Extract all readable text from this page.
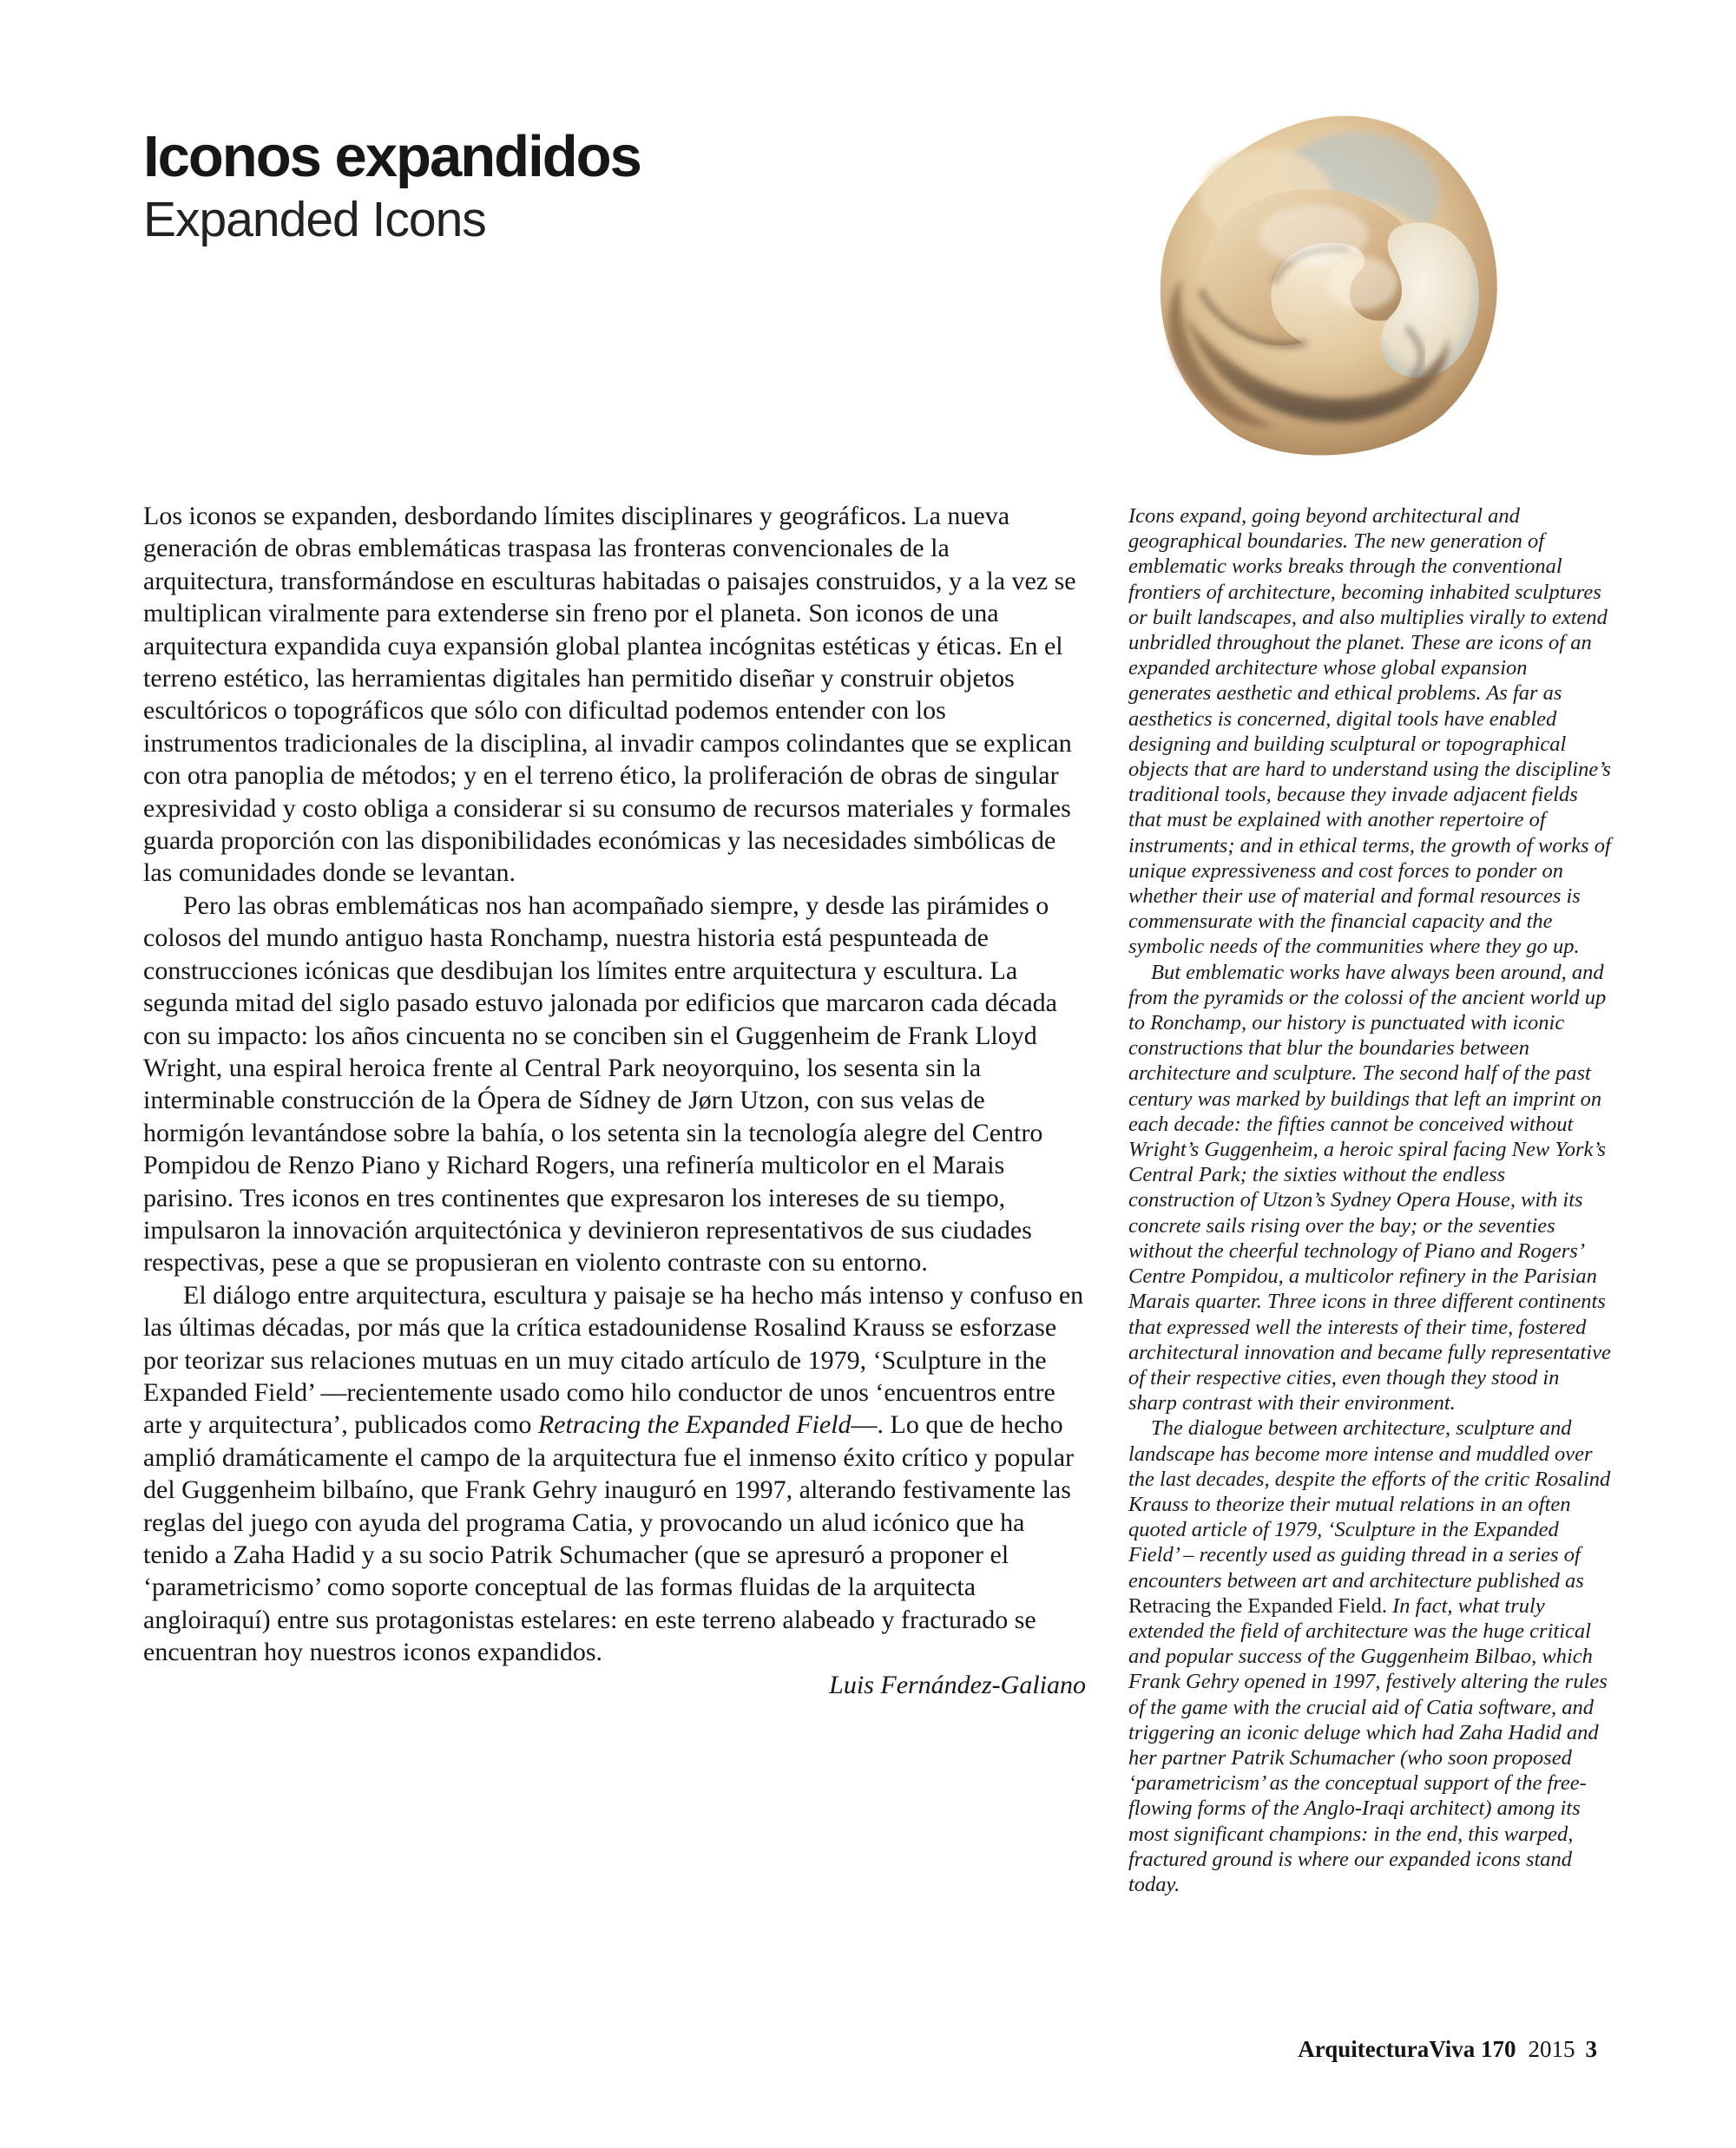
Iconos expandidos
Expanded Icons

Los iconos se expanden, desbordando límites disciplinares y geográficos. La nueva generación de obras emblemáticas traspasa las fronteras convencionales de la arquitectura, transformándose en esculturas habitadas o paisajes construidos, y a la vez se multiplican viralmente para extenderse sin freno por el planeta. Son iconos de una arquitectura expandida cuya expansión global plantea incógnitas estéticas y éticas. En el terreno estético, las herramientas digitales han permitido diseñar y construir objetos escultóricos o topográficos que sólo con dificultad podemos entender con los instrumentos tradicionales de la disciplina, al invadir campos colindantes que se explican con otra panoplia de métodos; y en el terreno ético, la proliferación de obras de singular expresividad y costo obliga a considerar si su consumo de recursos materiales y formales guarda proporción con las disponibilidades económicas y las necesidades simbólicas de las comunidades donde se levantan.

Pero las obras emblemáticas nos han acompañado siempre, y desde las pirámides o colosos del mundo antiguo hasta Ronchamp, nuestra historia está pespunteada de construcciones icónicas que desdibujan los límites entre arquitectura y escultura. La segunda mitad del siglo pasado estuvo jalonada por edificios que marcaron cada década con su impacto: los años cincuenta no se conciben sin el Guggenheim de Frank Lloyd Wright, una espiral heroica frente al Central Park neoyorquino, los sesenta sin la interminable construcción de la Ópera de Sídney de Jørn Utzon, con sus velas de hormigón levantándose sobre la bahía, o los setenta sin la tecnología alegre del Centro Pompidou de Renzo Piano y Richard Rogers, una refinería multicolor en el Marais parisino. Tres iconos en tres continentes que expresaron los intereses de su tiempo, impulsaron la innovación arquitectónica y devinieron representativos de sus ciudades respectivas, pese a que se propusieran en violento contraste con su entorno.

El diálogo entre arquitectura, escultura y paisaje se ha hecho más intenso y confuso en las últimas décadas, por más que la crítica estadounidense Rosalind Krauss se esforzase por teorizar sus relaciones mutuas en un muy citado artículo de 1979, ‘Sculpture in the Expanded Field’ —recientemente usado como hilo conductor de unos ‘encuentros entre arte y arquitectura’, publicados como Retracing the Expanded Field—. Lo que de hecho amplió dramáticamente el campo de la arquitectura fue el inmenso éxito crítico y popular del Guggenheim bilbaíno, que Frank Gehry inauguró en 1997, alterando festivamente las reglas del juego con ayuda del programa Catia, y provocando un alud icónico que ha tenido a Zaha Hadid y a su socio Patrik Schumacher (que se apresuró a proponer el ‘parametricismo’ como soporte conceptual de las formas fluidas de la arquitecta angloiraquí) entre sus protagonistas estelares: en este terreno alabeado y fracturado se encuentran hoy nuestros iconos expandidos.

Luis Fernández-Galiano

Icons expand, going beyond architectural and geographical boundaries. The new generation of emblematic works breaks through the conventional frontiers of architecture, becoming inhabited sculptures or built landscapes, and also multiplies virally to extend unbridled throughout the planet. These are icons of an expanded architecture whose global expansion generates aesthetic and ethical problems. As far as aesthetics is concerned, digital tools have enabled designing and building sculptural or topographical objects that are hard to understand using the discipline’s traditional tools, because they invade adjacent fields that must be explained with another repertoire of instruments; and in ethical terms, the growth of works of unique expressiveness and cost forces to ponder on whether their use of material and formal resources is commensurate with the financial capacity and the symbolic needs of the communities where they go up.

But emblematic works have always been around, and from the pyramids or the colossi of the ancient world up to Ronchamp, our history is punctuated with iconic constructions that blur the boundaries between architecture and sculpture. The second half of the past century was marked by buildings that left an imprint on each decade: the fifties cannot be conceived without Wright’s Guggenheim, a heroic spiral facing New York’s Central Park; the sixties without the endless construction of Utzon’s Sydney Opera House, with its concrete sails rising over the bay; or the seventies without the cheerful technology of Piano and Rogers’ Centre Pompidou, a multicolor refinery in the Parisian Marais quarter. Three icons in three different continents that expressed well the interests of their time, fostered architectural innovation and became fully representative of their respective cities, even though they stood in sharp contrast with their environment.

The dialogue between architecture, sculpture and landscape has become more intense and muddled over the last decades, despite the efforts of the critic Rosalind Krauss to theorize their mutual relations in an often quoted article of 1979, ‘Sculpture in the Expanded Field’ – recently used as guiding thread in a series of encounters between art and architecture published as Retracing the Expanded Field. In fact, what truly extended the field of architecture was the huge critical and popular success of the Guggenheim Bilbao, which Frank Gehry opened in 1997, festively altering the rules of the game with the crucial aid of Catia software, and triggering an iconic deluge which had Zaha Hadid and her partner Patrik Schumacher (who soon proposed ‘parametricism’ as the conceptual support of the free-flowing forms of the Anglo-Iraqi architect) among its most significant champions: in the end, this warped, fractured ground is where our expanded icons stand today.

ArquitecturaViva 170 2015 3
